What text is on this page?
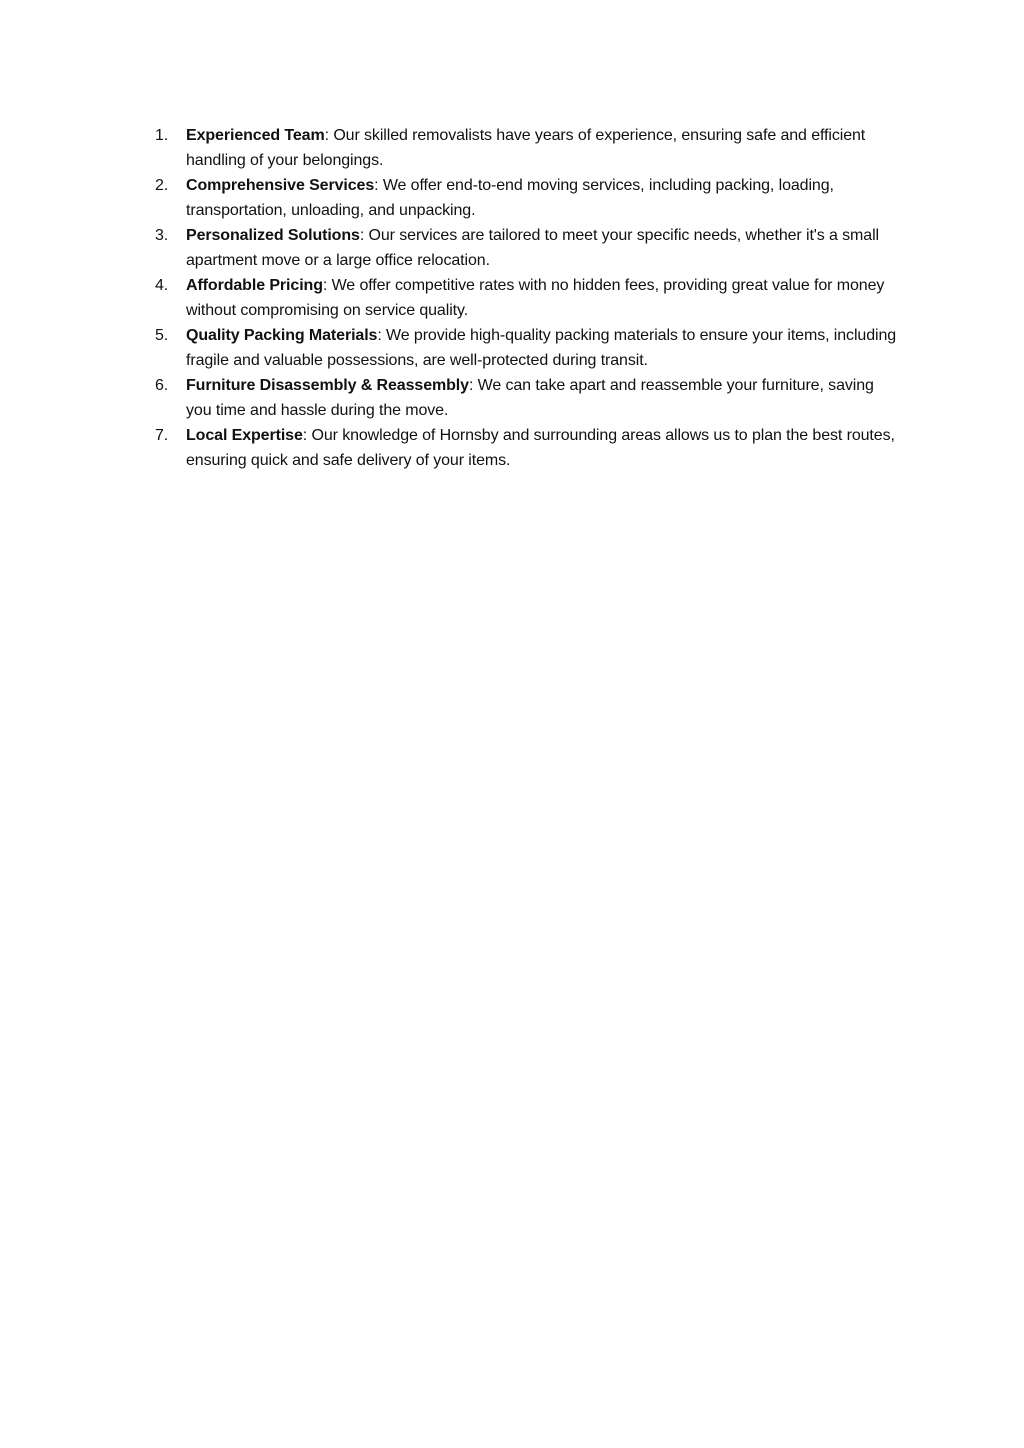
1. Experienced Team: Our skilled removalists have years of experience, ensuring safe and efficient handling of your belongings.
2. Comprehensive Services: We offer end-to-end moving services, including packing, loading, transportation, unloading, and unpacking.
3. Personalized Solutions: Our services are tailored to meet your specific needs, whether it's a small apartment move or a large office relocation.
4. Affordable Pricing: We offer competitive rates with no hidden fees, providing great value for money without compromising on service quality.
5. Quality Packing Materials: We provide high-quality packing materials to ensure your items, including fragile and valuable possessions, are well-protected during transit.
6. Furniture Disassembly & Reassembly: We can take apart and reassemble your furniture, saving you time and hassle during the move.
7. Local Expertise: Our knowledge of Hornsby and surrounding areas allows us to plan the best routes, ensuring quick and safe delivery of your items.
